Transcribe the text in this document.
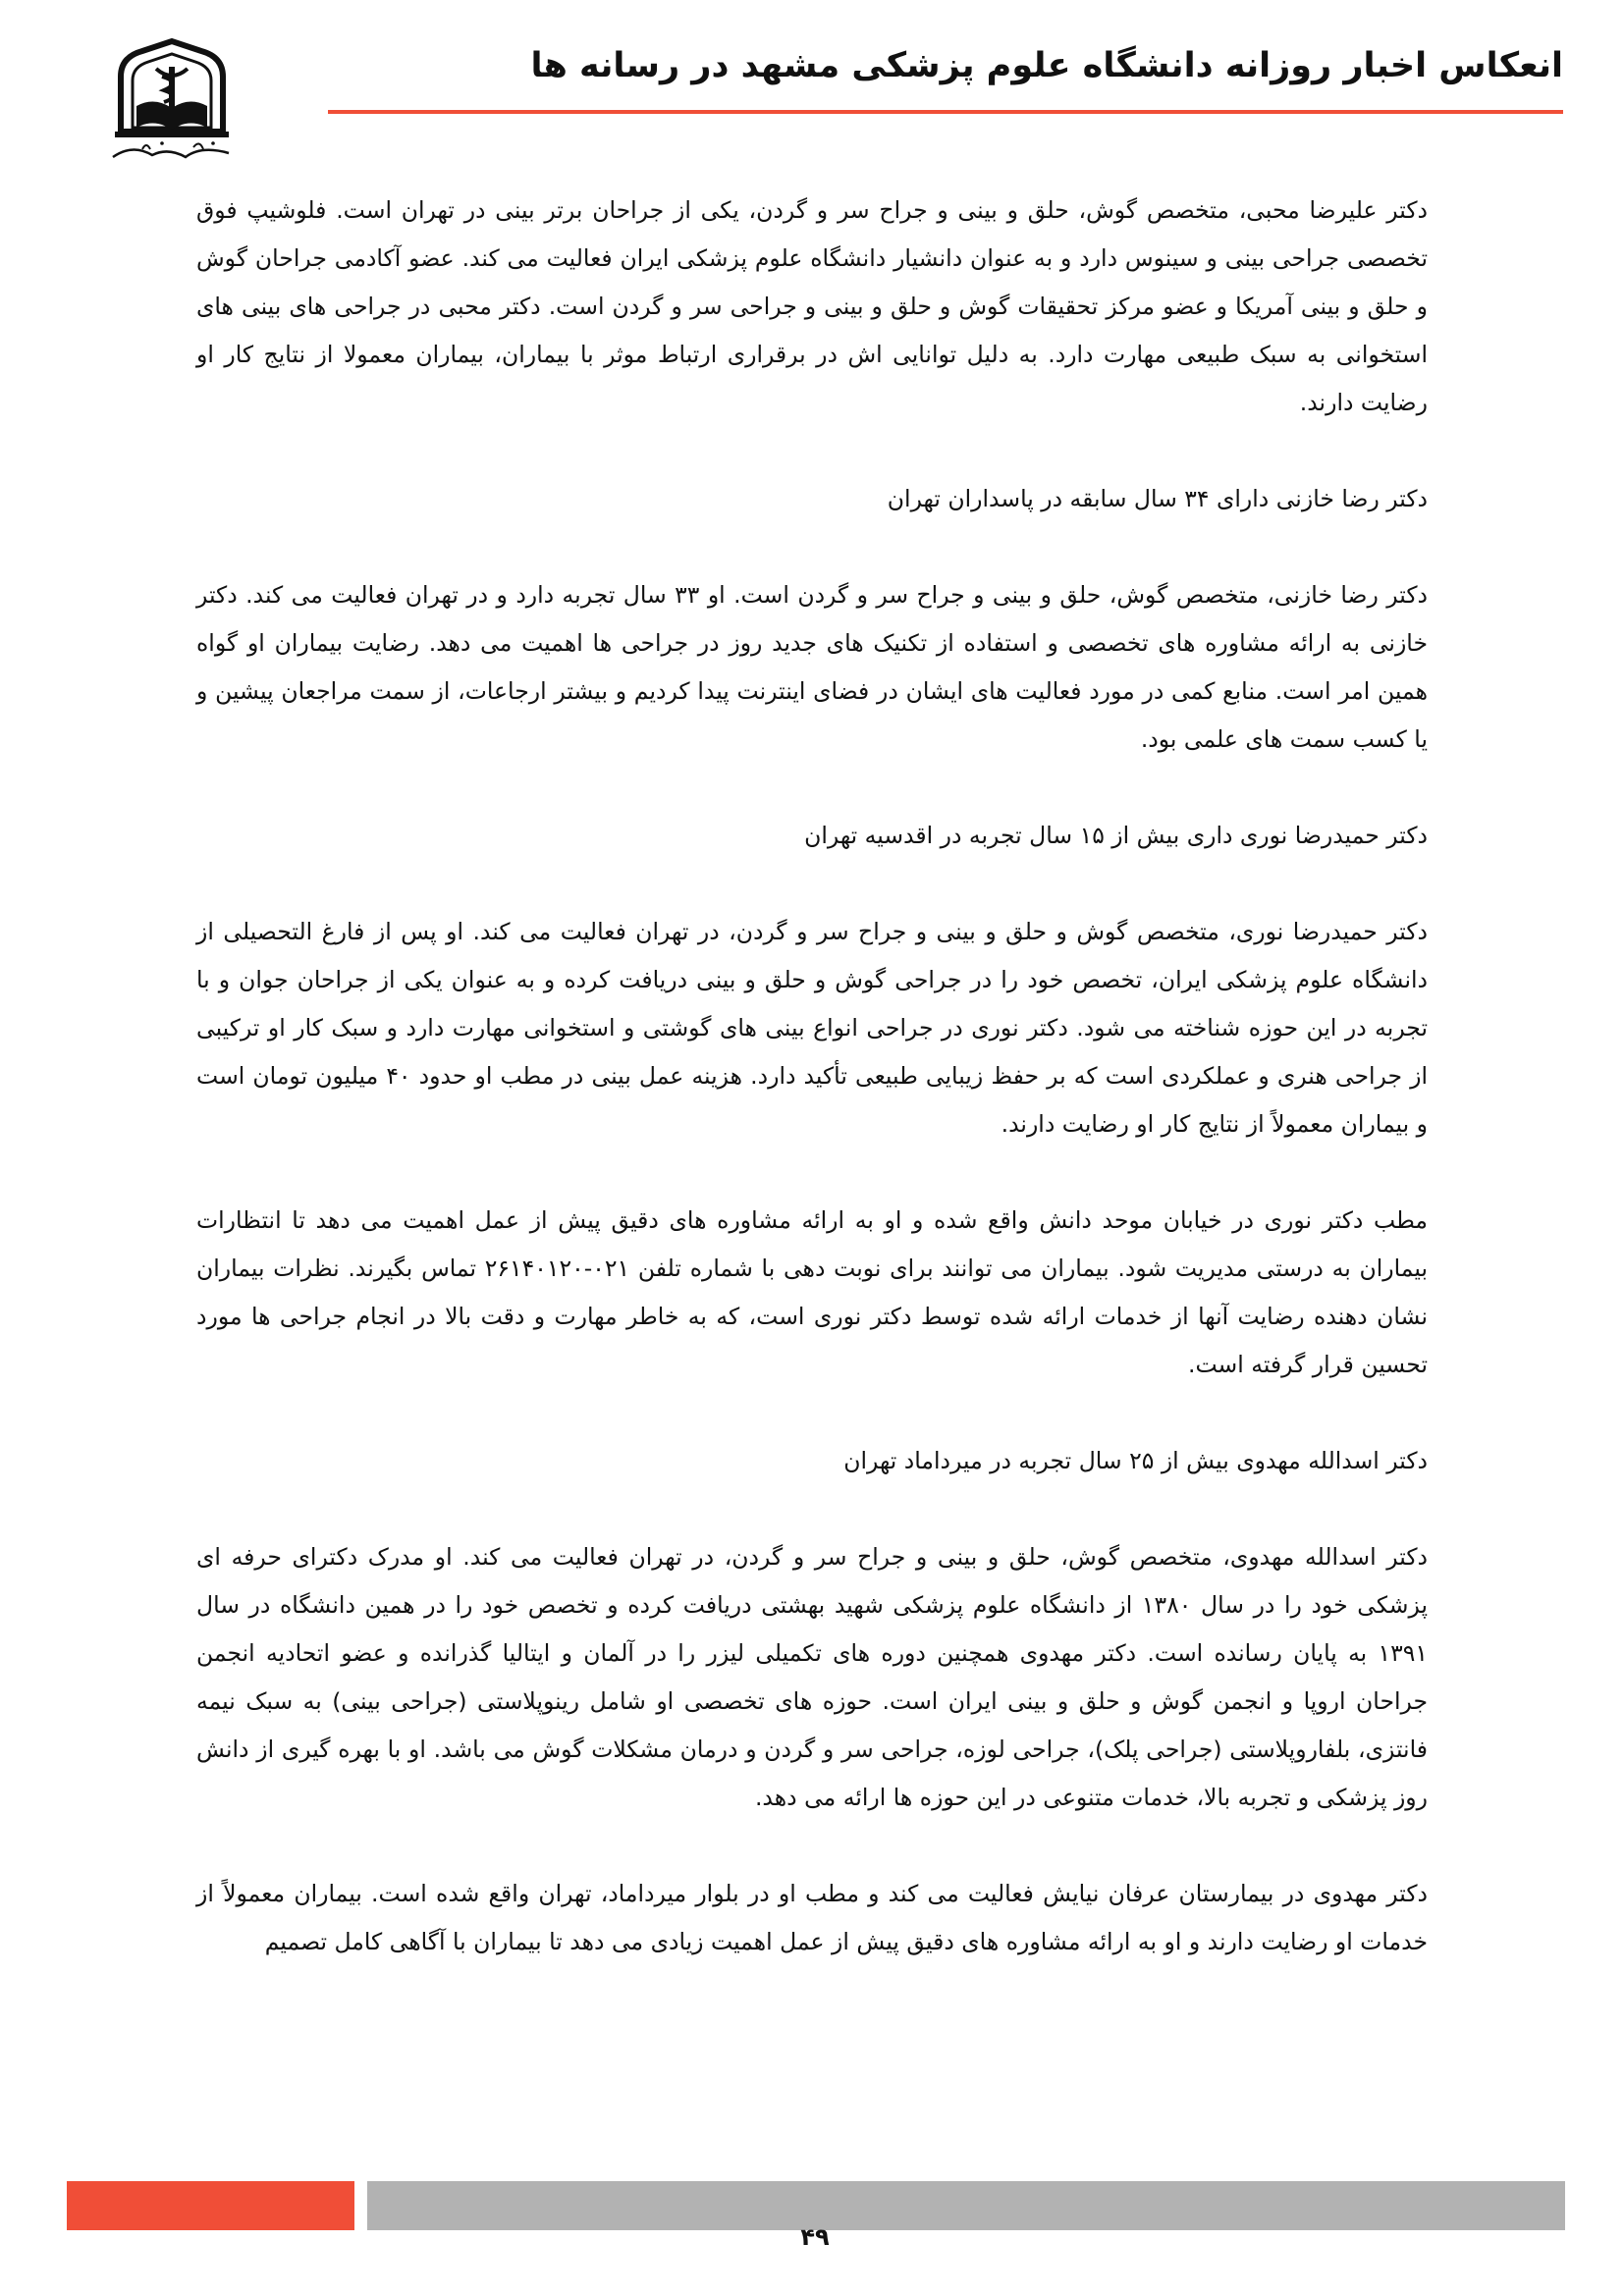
انعکاس اخبار روزانه دانشگاه علوم پزشکی مشهد در رسانه ها

دکتر علیرضا محبی، متخصص گوش، حلق و بینی و جراح سر و گردن، یکی از جراحان برتر بینی در تهران است. فلوشیپ فوق تخصصی جراحی بینی و سینوس دارد و به عنوان دانشیار دانشگاه علوم پزشکی ایران فعالیت می کند. عضو آکادمی جراحان گوش و حلق و بینی آمریکا و عضو مرکز تحقیقات گوش و حلق و بینی و جراحی سر و گردن است. دکتر محبی در جراحی های بینی های استخوانی به سبک طبیعی مهارت دارد. به دلیل توانایی اش در برقراری ارتباط موثر با بیماران، بیماران معمولا از نتایج کار او رضایت دارند.

دکتر رضا خازنی دارای ۳۴ سال سابقه در پاسداران تهران

دکتر رضا خازنی، متخصص گوش، حلق و بینی و جراح سر و گردن است. او ۳۳ سال تجربه دارد و در تهران فعالیت می کند. دکتر خازنی به ارائه مشاوره های تخصصی و استفاده از تکنیک های جدید روز در جراحی ها اهمیت می دهد. رضایت بیماران او گواه همین امر است. منابع کمی در مورد فعالیت های ایشان در فضای اینترنت پیدا کردیم و بیشتر ارجاعات، از سمت مراجعان پیشین و یا کسب سمت های علمی بود.

دکتر حمیدرضا نوری داری بیش از ۱۵ سال تجربه در اقدسیه تهران

دکتر حمیدرضا نوری، متخصص گوش و حلق و بینی و جراح سر و گردن، در تهران فعالیت می کند. او پس از فارغ التحصیلی از دانشگاه علوم پزشکی ایران، تخصص خود را در جراحی گوش و حلق و بینی دریافت کرده و به عنوان یکی از جراحان جوان و با تجربه در این حوزه شناخته می شود. دکتر نوری در جراحی انواع بینی های گوشتی و استخوانی مهارت دارد و سبک کار او ترکیبی از جراحی هنری و عملکردی است که بر حفظ زیبایی طبیعی تأکید دارد. هزینه عمل بینی در مطب او حدود ۴۰ میلیون تومان است و بیماران معمولاً از نتایج کار او رضایت دارند.

مطب دکتر نوری در خیابان موحد دانش واقع شده و او به ارائه مشاوره های دقیق پیش از عمل اهمیت می دهد تا انتظارات بیماران به درستی مدیریت شود. بیماران می توانند برای نوبت دهی با شماره تلفن ۰۲۱-۲۶۱۴۰۱۲۰ تماس بگیرند. نظرات بیماران نشان دهنده رضایت آنها از خدمات ارائه شده توسط دکتر نوری است، که به خاطر مهارت و دقت بالا در انجام جراحی ها مورد تحسین قرار گرفته است.

دکتر اسدالله مهدوی بیش از ۲۵ سال تجربه در میرداماد تهران

دکتر اسدالله مهدوی، متخصص گوش، حلق و بینی و جراح سر و گردن، در تهران فعالیت می کند. او مدرک دکترای حرفه ای پزشکی خود را در سال ۱۳۸۰ از دانشگاه علوم پزشکی شهید بهشتی دریافت کرده و تخصص خود را در همین دانشگاه در سال ۱۳۹۱ به پایان رسانده است. دکتر مهدوی همچنین دوره های تکمیلی لیزر را در آلمان و ایتالیا گذرانده و عضو اتحادیه انجمن جراحان اروپا و انجمن گوش و حلق و بینی ایران است. حوزه های تخصصی او شامل رینوپلاستی (جراحی بینی) به سبک نیمه فانتزی، بلفاروپلاستی (جراحی پلک)، جراحی لوزه، جراحی سر و گردن و درمان مشکلات گوش می باشد. او با بهره گیری از دانش روز پزشکی و تجربه بالا، خدمات متنوعی در این حوزه ها ارائه می دهد.

دکتر مهدوی در بیمارستان عرفان نیایش فعالیت می کند و مطب او در بلوار میرداماد، تهران واقع شده است. بیماران معمولاً از خدمات او رضایت دارند و او به ارائه مشاوره های دقیق پیش از عمل اهمیت زیادی می دهد تا بیماران با آگاهی کامل تصمیم

۴۹
